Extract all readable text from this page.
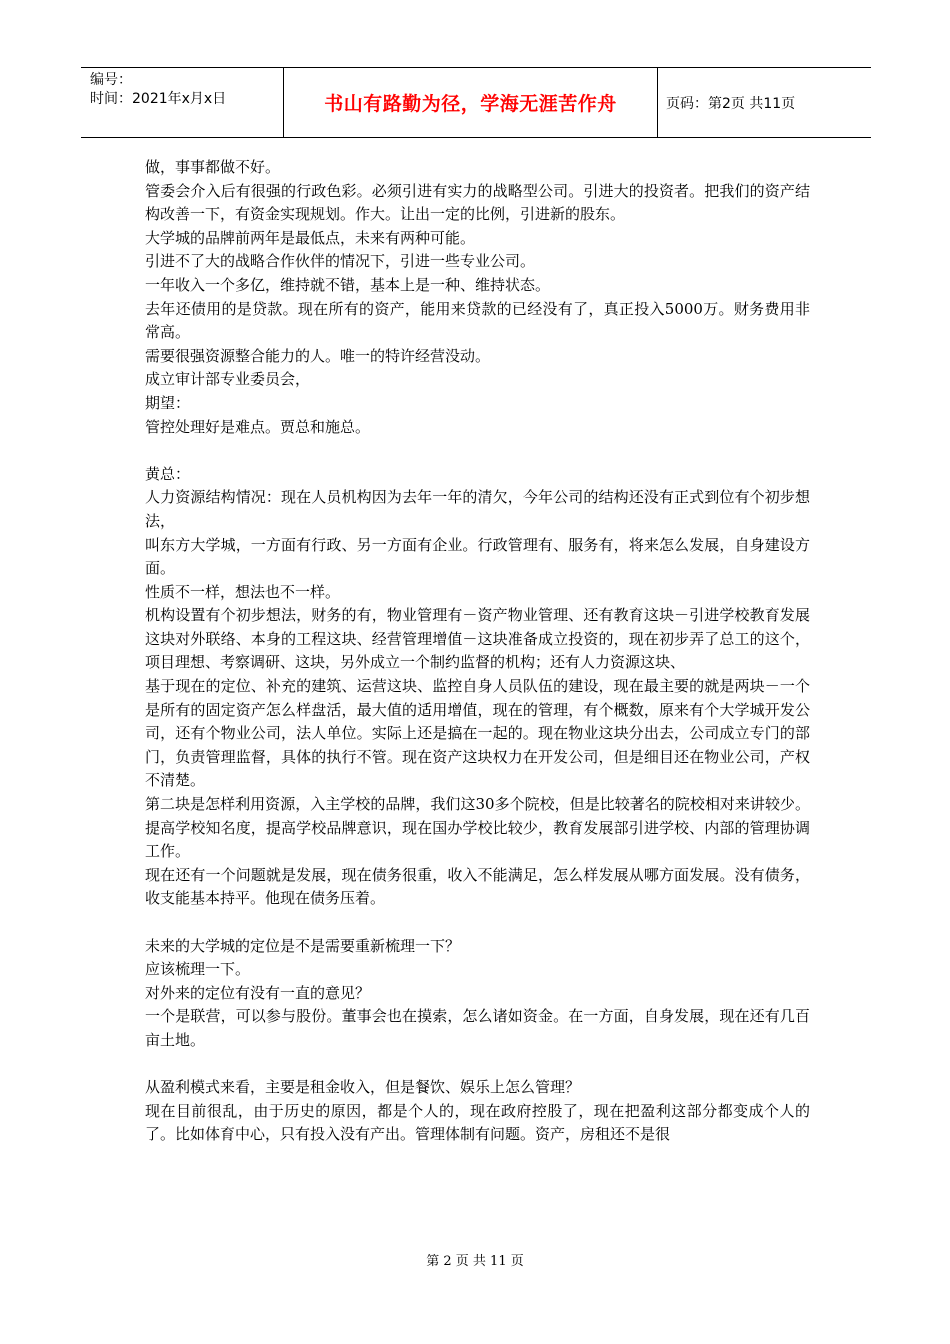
编号：
时间：2021年x月x日	书山有路勤为径，学海无涯苦作舟	页码：第2页 共11页

做，事事都做不好。

管委会介入后有很强的行政色彩。必须引进有实力的战略型公司。引进大的投资者。把我们的资产结构改善一下，有资金实现规划。作大。让出一定的比例，引进新的股东。

大学城的品牌前两年是最低点，未来有两种可能。

引进不了大的战略合作伙伴的情况下，引进一些专业公司。

一年收入一个多亿，维持就不错，基本上是一种、维持状态。

去年还债用的是贷款。现在所有的资产，能用来贷款的已经没有了，真正投入5000万。财务费用非常高。

需要很强资源整合能力的人。唯一的特许经营没动。

成立审计部专业委员会，

期望：

管控处理好是难点。贾总和施总。

黄总：

人力资源结构情况：现在人员机构因为去年一年的清欠，今年公司的结构还没有正式到位有个初步想法，

叫东方大学城，一方面有行政、另一方面有企业。行政管理有、服务有，将来怎么发展，自身建设方面。

性质不一样，想法也不一样。

机构设置有个初步想法，财务的有，物业管理有－资产物业管理、还有教育这块－引进学校教育发展这块对外联络、本身的工程这块、经营管理增值－这块准备成立投资的，现在初步弄了总工的这个，项目理想、考察调研、这块，另外成立一个制约监督的机构；还有人力资源这块、

基于现在的定位、补充的建筑、运营这块、监控自身人员队伍的建设，现在最主要的就是两块－一个是所有的固定资产怎么样盘活，最大值的适用增值，现在的管理，有个概数，原来有个大学城开发公司，还有个物业公司，法人单位。实际上还是搞在一起的。现在物业这块分出去，公司成立专门的部门，负责管理监督，具体的执行不管。现在资产这块权力在开发公司，但是细目还在物业公司，产权不清楚。

第二块是怎样利用资源，入主学校的品牌，我们这30多个院校，但是比较著名的院校相对来讲较少。提高学校知名度，提高学校品牌意识，现在国办学校比较少，教育发展部引进学校、内部的管理协调工作。

现在还有一个问题就是发展，现在债务很重，收入不能满足，怎么样发展从哪方面发展。没有债务，收支能基本持平。他现在债务压着。

未来的大学城的定位是不是需要重新梳理一下？

应该梳理一下。

对外来的定位有没有一直的意见？

一个是联营，可以参与股份。董事会也在摸索，怎么诸如资金。在一方面，自身发展，现在还有几百亩土地。

从盈利模式来看，主要是租金收入，但是餐饮、娱乐上怎么管理？

现在目前很乱，由于历史的原因，都是个人的，现在政府控股了，现在把盈利这部分都变成个人的了。比如体育中心，只有投入没有产出。管理体制有问题。资产，房租还不是很

第 2 页 共 11 页
